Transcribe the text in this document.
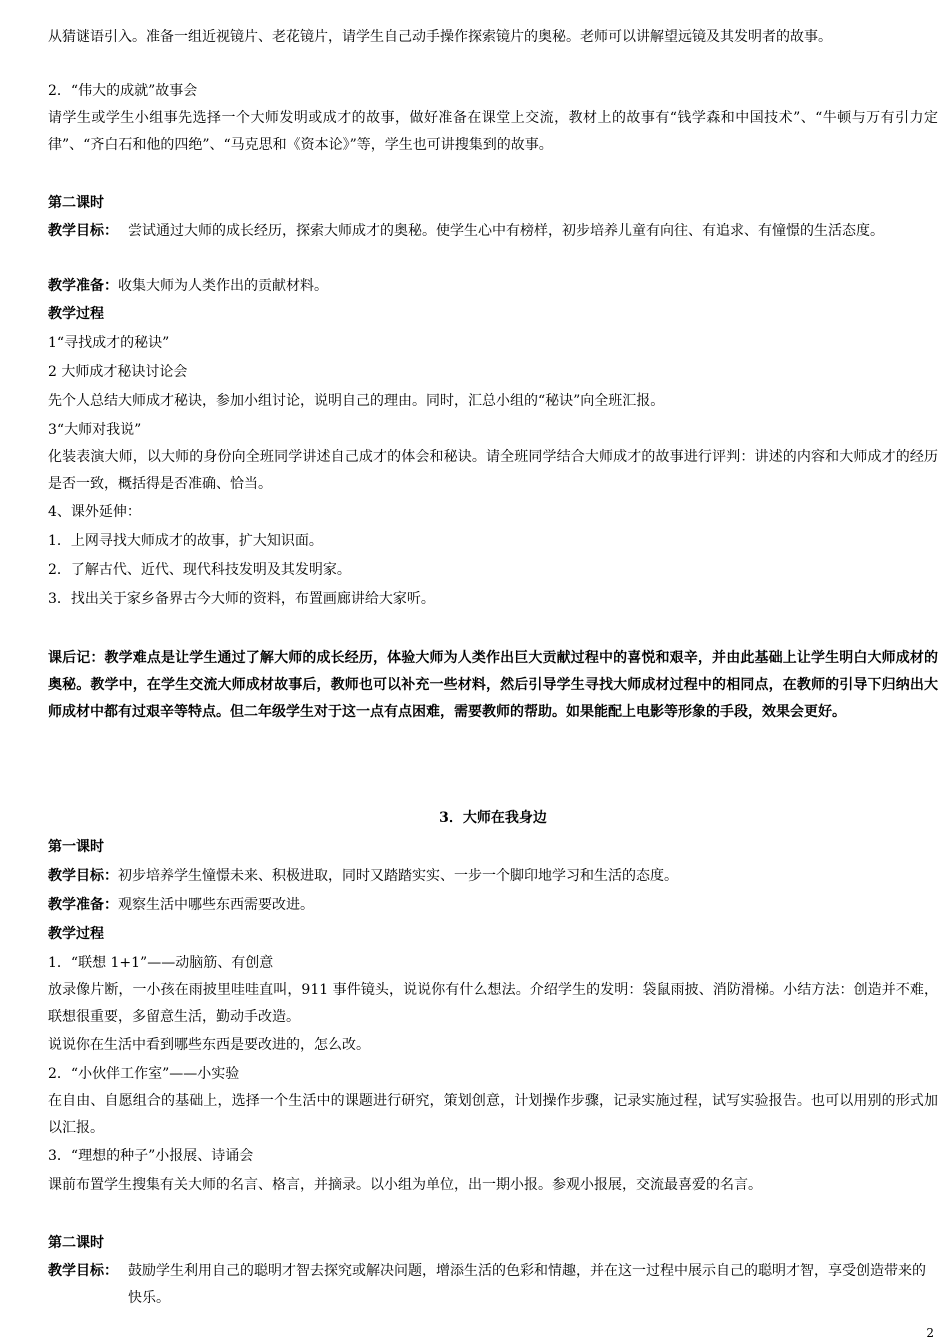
从猜谜语引入。准备一组近视镜片、老花镜片，请学生自己动手操作探索镜片的奥秘。老师可以讲解望远镜及其发明者的故事。
2．“伟大的成就”故事会
请学生或学生小组事先选择一个大师发明或成才的故事，做好准备在课堂上交流，教材上的故事有“钱学森和中国技术”、“牛顿与万有引力定律”、“齐白石和他的四绝”、“马克思和《资本论》”等，学生也可讲搜集到的故事。
第二课时
教学目标： 尝试通过大师的成长经历，探索大师成才的奥秘。使学生心中有榜样，初步培养儿童有向往、有追求、有憧憬的生活态度。
教学准备：收集大师为人类作出的贡献材料。
教学过程
1“寻找成才的秘诀”
2 大师成才秘诀讨论会
先个人总结大师成才秘诀，参加小组讨论，说明自己的理由。同时，汇总小组的“秘诀”向全班汇报。
3“大师对我说”
化装表演大师，以大师的身份向全班同学讲述自己成才的体会和秘诀。请全班同学结合大师成才的故事进行评判：讲述的内容和大师成才的经历是否一致，概括得是否准确、恰当。
4、课外延伸：
1．上网寻找大师成才的故事，扩大知识面。
2．了解古代、近代、现代科技发明及其发明家。
3．找出关于家乡备界古今大师的资料，布置画廊讲给大家听。
课后记：教学难点是让学生通过了解大师的成长经历，体验大师为人类作出巨大贡献过程中的喜悦和艰辛，并由此基础上让学生明白大师成材的奥秘。教学中，在学生交流大师成材故事后，教师也可以补充一些材料，然后引导学生寻找大师成材过程中的相同点，在教师的引导下归纳出大师成材中都有过艰辛等特点。但二年级学生对于这一点有点困难，需要教师的帮助。如果能配上电影等形象的手段，效果会更好。
3．大师在我身边
第一课时
教学目标：初步培养学生憧憬未来、积极进取，同时又踏踏实实、一步一个脚印地学习和生活的态度。
教学准备：观察生活中哪些东西需要改进。
教学过程
1．“联想 1+1”——动脑筋、有创意
放录像片断，一小孩在雨披里哇哇直叫，911 事件镜头，说说你有什么想法。介绍学生的发明：袋鼠雨披、消防滑梯。小结方法：创造并不难，联想很重要，多留意生活，勤动手改造。
说说你在生活中看到哪些东西是要改进的，怎么改。
2．“小伙伴工作室”——小实验
在自由、自愿组合的基础上，选择一个生活中的课题进行研究，策划创意，计划操作步骤，记录实施过程，试写实验报告。也可以用别的形式加以汇报。
3．“理想的种子”小报展、诗诵会
课前布置学生搜集有关大师的名言、格言，并摘录。以小组为单位，出一期小报。参观小报展，交流最喜爱的名言。
第二课时
教学目标： 鼓励学生利用自己的聪明才智去探究或解决问题，增添生活的色彩和情趣，并在这一过程中展示自己的聪明才智，享受创造带来的快乐。
2
